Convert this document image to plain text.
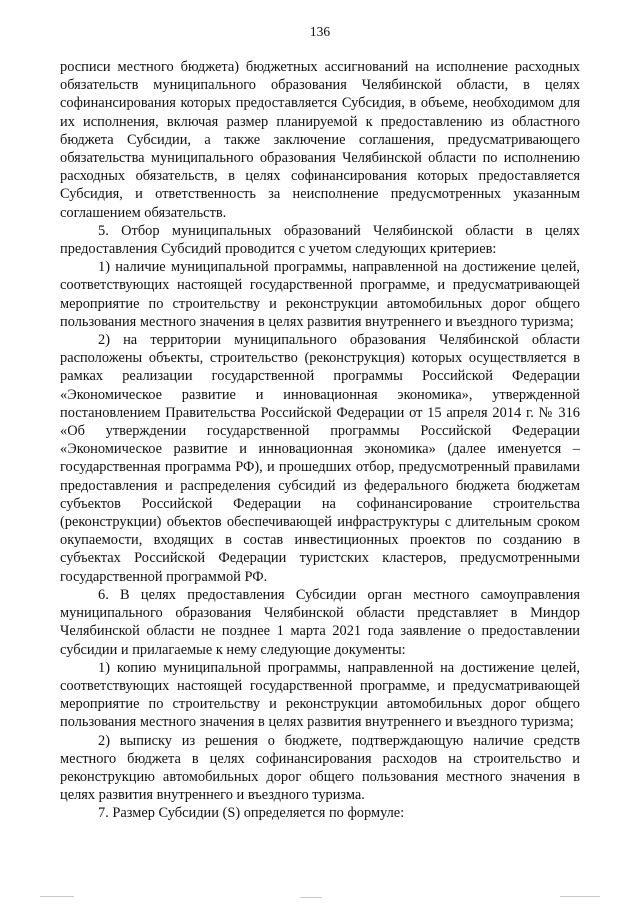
136

росписи местного бюджета) бюджетных ассигнований на исполнение расходных обязательств муниципального образования Челябинской области, в целях софинансирования которых предоставляется Субсидия, в объеме, необходимом для их исполнения, включая размер планируемой к предоставлению из областного бюджета Субсидии, а также заключение соглашения, предусматривающего обязательства муниципального образования Челябинской области по исполнению расходных обязательств, в целях софинансирования которых предоставляется Субсидия, и ответственность за неисполнение предусмотренных указанным соглашением обязательств.

5. Отбор муниципальных образований Челябинской области в целях предоставления Субсидий проводится с учетом следующих критериев:

1) наличие муниципальной программы, направленной на достижение целей, соответствующих настоящей государственной программе, и предусматривающей мероприятие по строительству и реконструкции автомобильных дорог общего пользования местного значения в целях развития внутреннего и въездного туризма;

2) на территории муниципального образования Челябинской области расположены объекты, строительство (реконструкция) которых осуществляется в рамках реализации государственной программы Российской Федерации «Экономическое развитие и инновационная экономика», утвержденной постановлением Правительства Российской Федерации от 15 апреля 2014 г. № 316 «Об утверждении государственной программы Российской Федерации «Экономическое развитие и инновационная экономика» (далее именуется – государственная программа РФ), и прошедших отбор, предусмотренный правилами предоставления и распределения субсидий из федерального бюджета бюджетам субъектов Российской Федерации на софинансирование строительства (реконструкции) объектов обеспечивающей инфраструктуры с длительным сроком окупаемости, входящих в состав инвестиционных проектов по созданию в субъектах Российской Федерации туристских кластеров, предусмотренными государственной программой РФ.

6. В целях предоставления Субсидии орган местного самоуправления муниципального образования Челябинской области представляет в Миндор Челябинской области не позднее 1 марта 2021 года заявление о предоставлении субсидии и прилагаемые к нему следующие документы:

1) копию муниципальной программы, направленной на достижение целей, соответствующих настоящей государственной программе, и предусматривающей мероприятие по строительству и реконструкции автомобильных дорог общего пользования местного значения в целях развития внутреннего и въездного туризма;

2) выписку из решения о бюджете, подтверждающую наличие средств местного бюджета в целях софинансирования расходов на строительство и реконструкцию автомобильных дорог общего пользования местного значения в целях развития внутреннего и въездного туризма.

7. Размер Субсидии (S) определяется по формуле:
